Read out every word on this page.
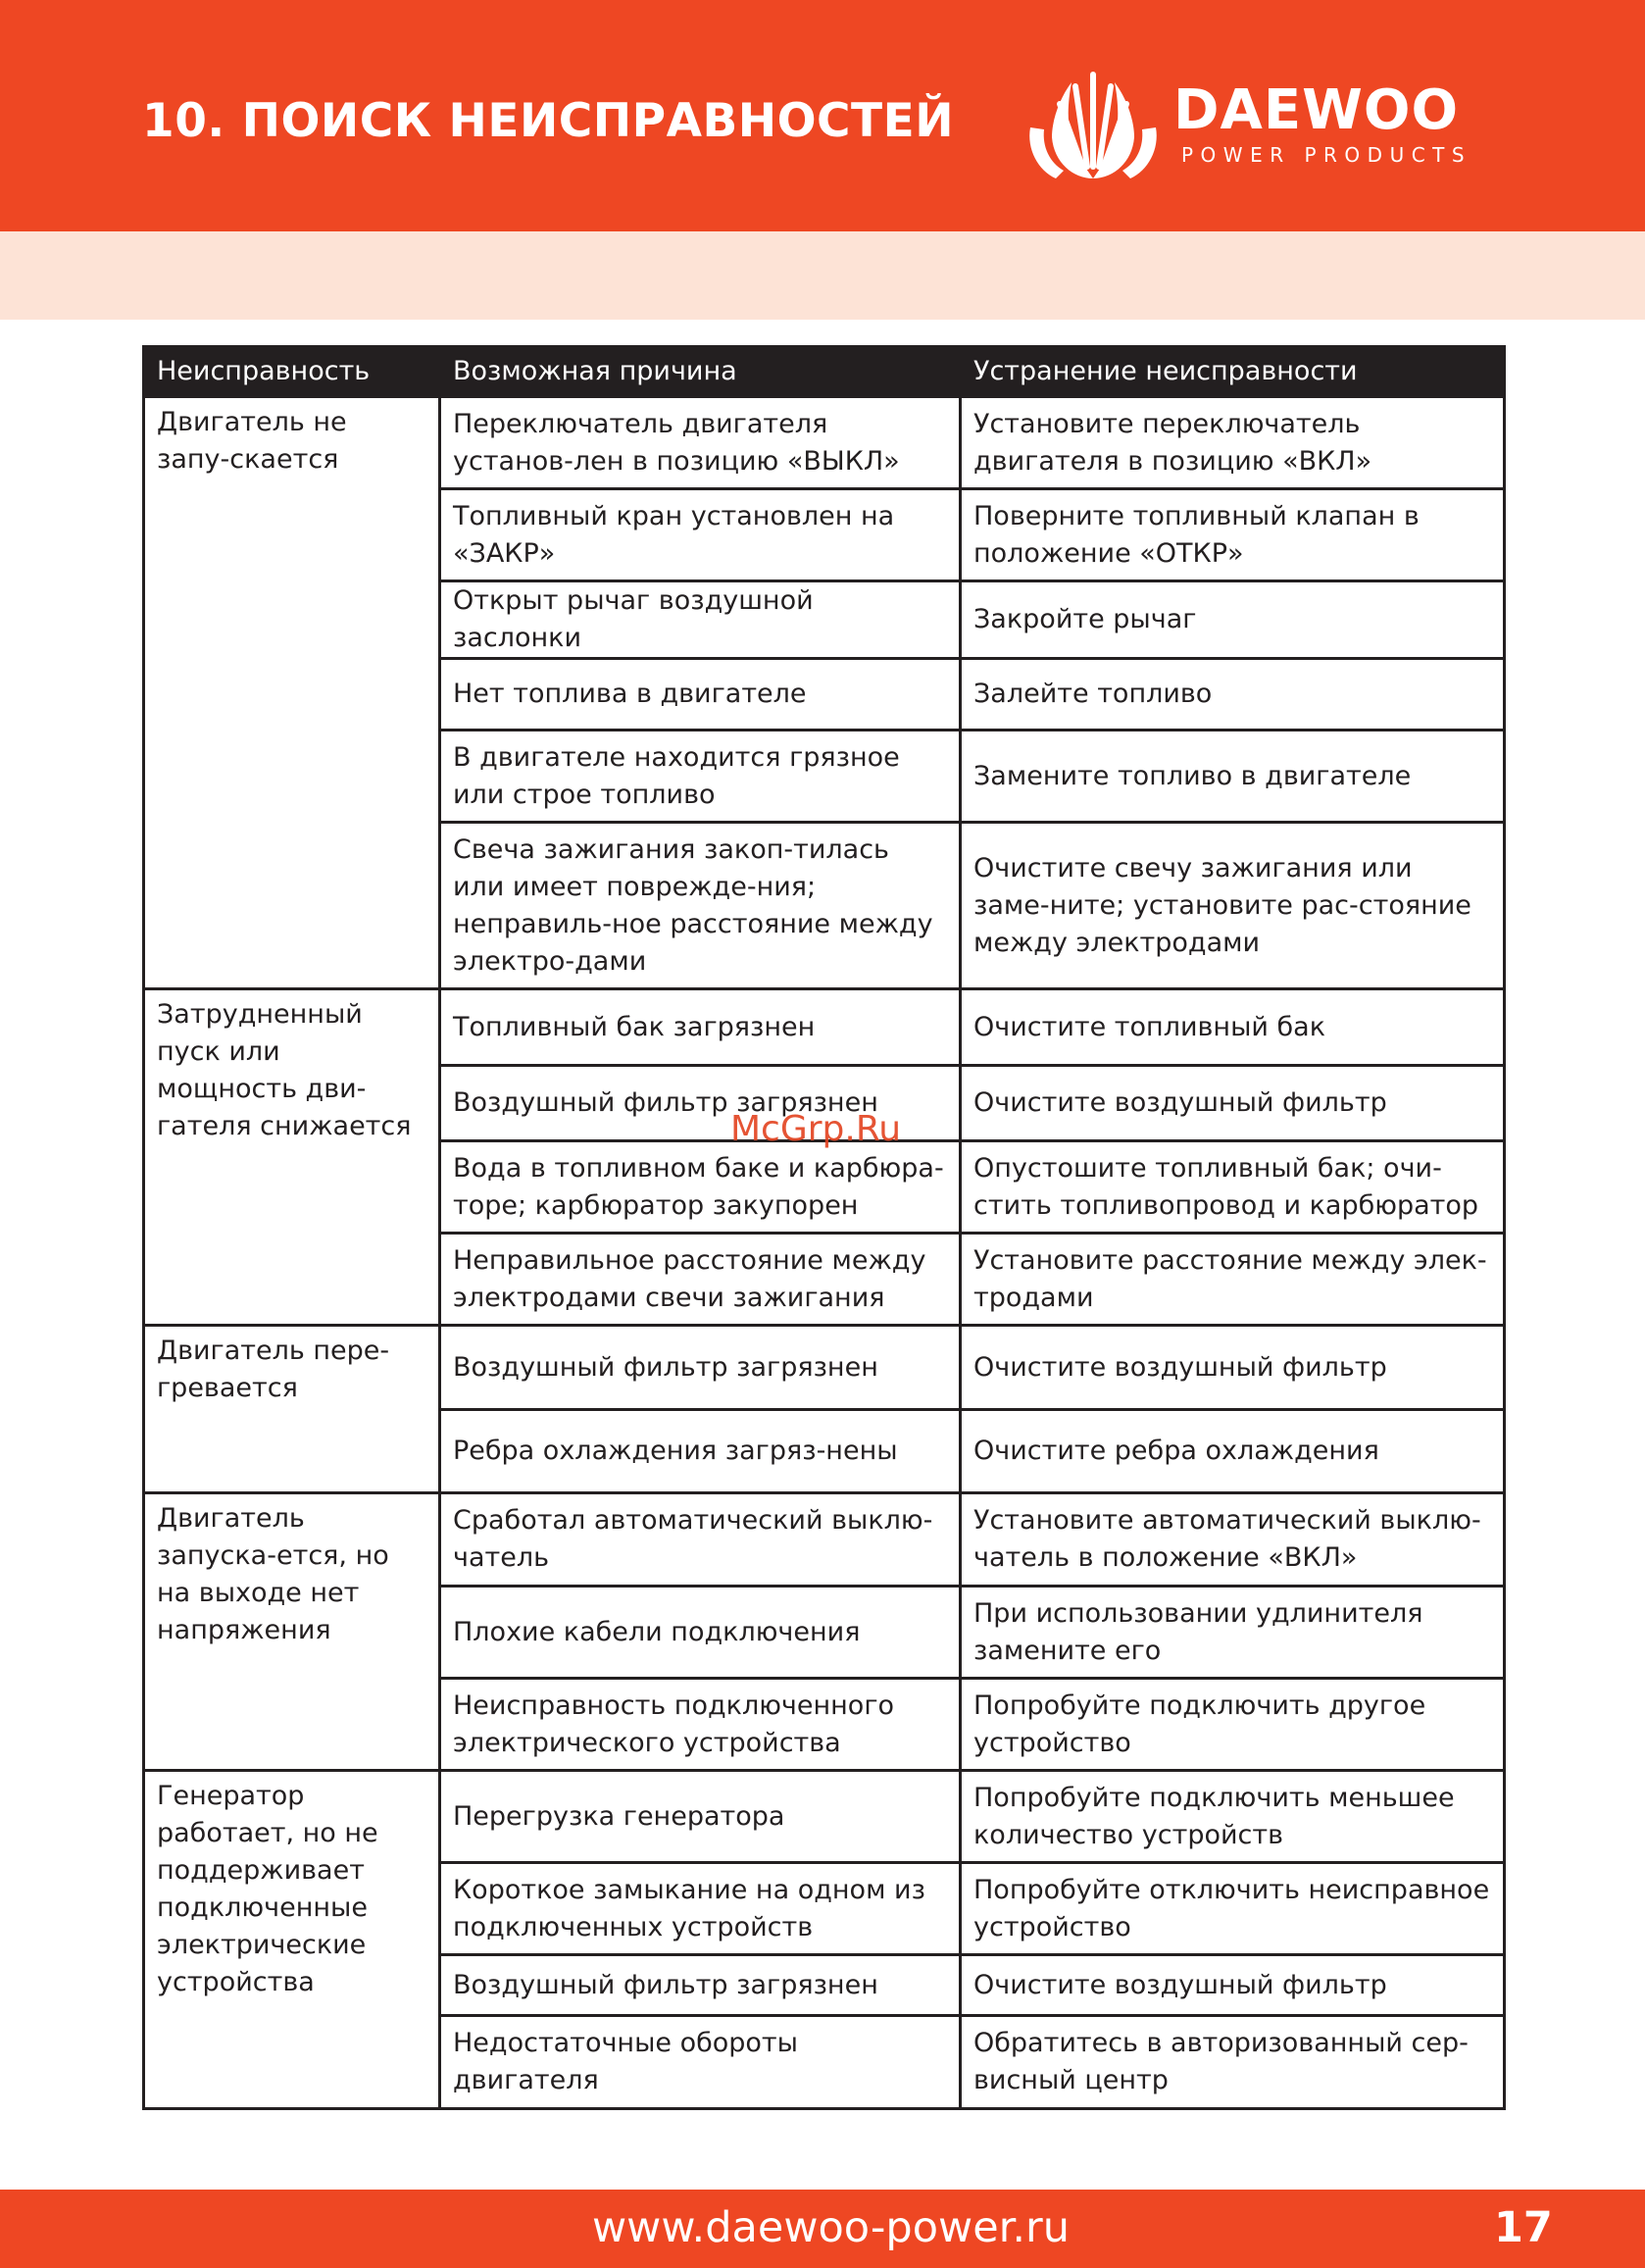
10. ПОИСК НЕИСПРАВНОСТЕЙ	DAEWOO
POWER PRODUCTS
Неисправность	Возможная причина	Устранение неисправности
Двигатель не запу-скается	Переключатель двигателя установ-лен в позицию «ВЫКЛ»	Установите переключатель двигателя в позицию «ВКЛ»
	Топливный кран установлен на «ЗАКР»	Поверните топливный клапан в положение «ОТКР»
	Открыт рычаг воздушной заслонки	Закройте рычаг
	Нет топлива в двигателе	Залейте топливо
	В двигателе находится грязное или строе топливо	Замените топливо в двигателе
	Свеча зажигания закоп-тилась или имеет поврежде-ния; неправиль-ное расстояние между электро-дами	Очистите свечу зажигания или заме-ните; установите рас-стояние между электродами
Затрудненный пуск или мощность дви-гателя снижается	Топливный бак загрязнен	Очистите топливный бак
	Воздушный фильтр загрязнен	Очистите воздушный фильтр
	Вода в топливном баке и карбюра-торе; карбюратор закупорен	Опустошите топливный бак; очи-стить топливопровод и карбюратор
	Неправильное расстояние между электродами свечи зажигания	Установите расстояние между элек-тродами
Двигатель пере-гревается	Воздушный фильтр загрязнен	Очистите воздушный фильтр
	Ребра охлаждения загряз-нены	Очистите ребра охлаждения
Двигатель запуска-ется, но на выходе нет напряжения	Сработал автоматический выклю-чатель	Установите автоматический выклю-чатель в положение «ВКЛ»
	Плохие кабели подключения	При использовании удлинителя замените его
	Неисправность подключенного электрического устройства	Попробуйте подключить другое устройство
Генератор работает, но не поддерживает подключенные электрические устройства	Перегрузка генератора	Попробуйте подключить меньшее количество устройств
	Короткое замыкание на одном из подключенных устройств	Попробуйте отключить неисправное устройство
	Воздушный фильтр загрязнен	Очистите воздушный фильтр
	Недостаточные обороты двигателя	Обратитесь в авторизованный сер-висный центр
McGrp.Ru
www.daewoo-power.ru	17
